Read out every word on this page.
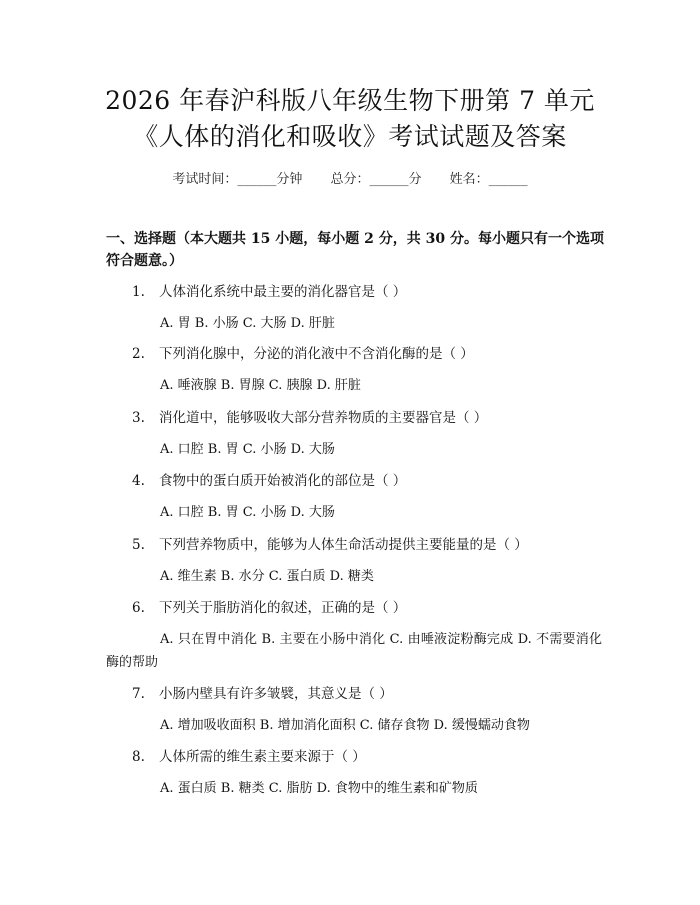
2026 年春沪科版八年级生物下册第 7 单元
《人体的消化和吸收》考试试题及答案
考试时间：______分钟 总分：______分 姓名：______
一、选择题（本大题共 15 小题，每小题 2 分，共 30 分。每小题只有一个选项符合题意。）
1. 人体消化系统中最主要的消化器官是（ ）
A. 胃 B. 小肠 C. 大肠 D. 肝脏
2. 下列消化腺中，分泌的消化液中不含消化酶的是（ ）
A. 唾液腺 B. 胃腺 C. 胰腺 D. 肝脏
3. 消化道中，能够吸收大部分营养物质的主要器官是（ ）
A. 口腔 B. 胃 C. 小肠 D. 大肠
4. 食物中的蛋白质开始被消化的部位是（ ）
A. 口腔 B. 胃 C. 小肠 D. 大肠
5. 下列营养物质中，能够为人体生命活动提供主要能量的是（ ）
A. 维生素 B. 水分 C. 蛋白质 D. 糖类
6. 下列关于脂肪消化的叙述，正确的是（ ）
A. 只在胃中消化 B. 主要在小肠中消化 C. 由唾液淀粉酶完成 D. 不需要消化酶的帮助
7. 小肠内壁具有许多皱襞，其意义是（ ）
A. 增加吸收面积 B. 增加消化面积 C. 储存食物 D. 缓慢蠕动食物
8. 人体所需的维生素主要来源于（ ）
A. 蛋白质 B. 糖类 C. 脂肪 D. 食物中的维生素和矿物质
